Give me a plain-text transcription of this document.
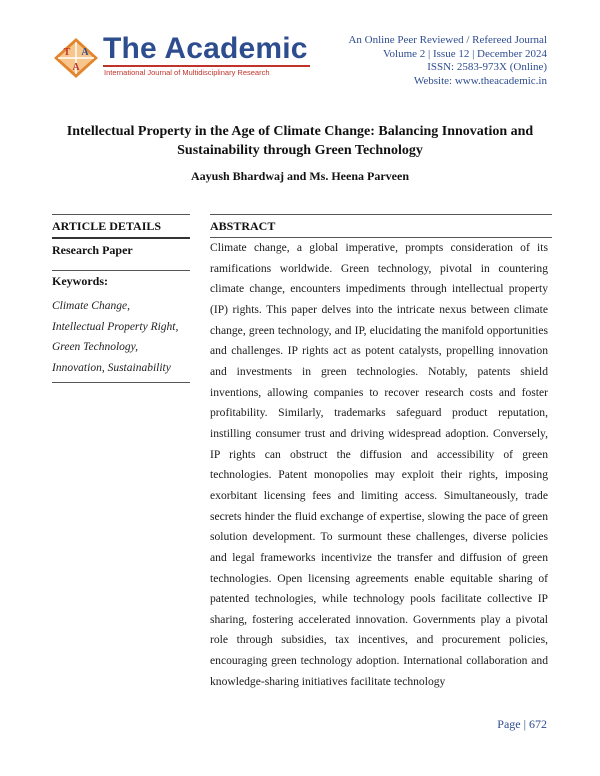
T A
A
The Academic
International Journal of Multidisciplinary Research
An Online Peer Reviewed / Refereed Journal
Volume 2 | Issue 12 | December 2024
ISSN: 2583-973X (Online)
Website: www.theacademic.in
Intellectual Property in the Age of Climate Change: Balancing Innovation and Sustainability through Green Technology
Aayush Bhardwaj and Ms. Heena Parveen
ARTICLE DETAILS
Research Paper
Keywords:
Climate Change,
Intellectual Property Right,
Green Technology,
Innovation, Sustainability
ABSTRACT
Climate change, a global imperative, prompts consideration of its ramifications worldwide. Green technology, pivotal in countering climate change, encounters impediments through intellectual property (IP) rights. This paper delves into the intricate nexus between climate change, green technology, and IP, elucidating the manifold opportunities and challenges. IP rights act as potent catalysts, propelling innovation and investments in green technologies. Notably, patents shield inventions, allowing companies to recover research costs and foster profitability. Similarly, trademarks safeguard product reputation, instilling consumer trust and driving widespread adoption. Conversely, IP rights can obstruct the diffusion and accessibility of green technologies. Patent monopolies may exploit their rights, imposing exorbitant licensing fees and limiting access. Simultaneously, trade secrets hinder the fluid exchange of expertise, slowing the pace of green solution development. To surmount these challenges, diverse policies and legal frameworks incentivize the transfer and diffusion of green technologies. Open licensing agreements enable equitable sharing of patented technologies, while technology pools facilitate collective IP sharing, fostering accelerated innovation. Governments play a pivotal role through subsidies, tax incentives, and procurement policies, encouraging green technology adoption. International collaboration and knowledge-sharing initiatives facilitate technology
Page | 672
